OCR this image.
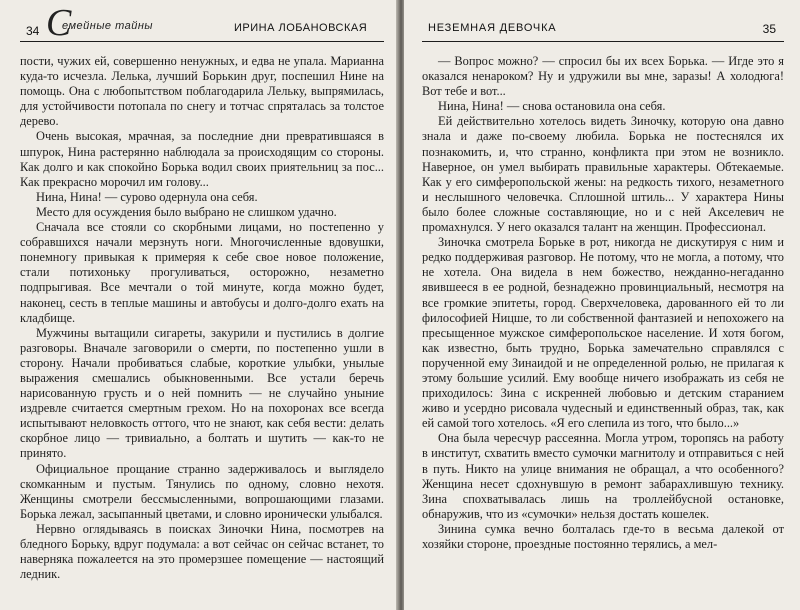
34 С
емейные тайны	ИРИНА ЛОБАНОВСКАЯ

пости, чужих ей, совершенно ненужных, и едва не упала. Марианна куда-то исчезла. Лелька, лучший Борькин друг, поспешил Нине на помощь. Она с любопытством поблагодарила Лельку, выпрямилась, для устойчивости потопала по снегу и тотчас спряталась за толстое дерево.

Очень высокая, мрачная, за последние дни превратившаяся в шпурок, Нина растерянно наблюдала за происходящим со стороны. Как долго и как спокойно Борька водил своих приятельниц за пос... Как прекрасно морочил им голову...

Нина, Нина! — сурово одернула она себя.

Место для осуждения было выбрано не слишком удачно.

Сначала все стояли со скорбными лицами, но постепенно у собравшихся начали мерзнуть ноги. Многочисленные вдовушки, понемногу привыкая к примеряя к себе свое новое положение, стали потихоньку прогуливаться, осторожно, незаметно подпрыгивая. Все мечтали о той минуте, когда можно будет, наконец, сесть в теплые машины и автобусы и долго-долго ехать на кладбище.

Мужчины вытащили сигареты, закурили и пустились в долгие разговоры. Вначале заговорили о смерти, по постепенно ушли в сторону. Начали пробиваться слабые, короткие улыбки, унылые выражения смешались обыкновенными. Все устали беречь нарисованную грусть и о ней помнить — не случайно уныние издревле считается смертным грехом. Но на похоронах все всегда испытывают неловкость оттого, что не знают, как себя вести: делать скорбное лицо — тривиально, а болтать и шутить — как-то не принято.

Официальное прощание странно задерживалось и выглядело скомканным и пустым. Тянулись по одному, словно нехотя. Женщины смотрели бессмысленными, вопрошающими глазами. Борька лежал, засыпанный цветами, и словно иронически улыбался.

Нервно оглядываясь в поисках Зиночки Нина, посмотрев на бледного Борьку, вдруг подумала: а вот сейчас он сейчас встанет, то наверняка пожалеется на это промерзшее помещение — настоящий ледник.

НЕЗЕМНАЯ ДЕВОЧКА	35

— Вопрос можно? — спросил бы их всех Борька. — Игде это я оказался ненароком? Ну и удружили вы мне, заразы! А холодюга! Вот тебе и вот...

Нина, Нина! — снова остановила она себя.

Ей действительно хотелось видеть Зиночку, которую она давно знала и даже по-своему любила. Борька не постеснялся их познакомить, и, что странно, конфликта при этом не возникло. Наверное, он умел выбирать правильные характеры. Обтекаемые. Как у его симферопольской жены: на редкость тихого, незаметного и неслышного человечка. Сплошной штиль... У характера Нины было более сложные составляющие, но и с ней Акселевич не промахнулся. У него оказался талант на женщин. Профессионал.

Зиночка смотрела Борьке в рот, никогда не дискутируя с ним и редко поддерживая разговор. Не потому, что не могла, а потому, что не хотела. Она видела в нем божество, нежданно-негаданно явившееся в ее родной, безнадежно провинциальный, несмотря на все громкие эпитеты, город. Сверхчеловека, дарованного ей то ли философией Ницше, то ли собственной фантазией и непохожего на пресыщенное мужское симферопольское население. И хотя богом, как известно, быть трудно, Борька замечательно справлялся с порученной ему Зинаидой и не определенной ролью, не прилагая к этому большие усилий. Ему вообще ничего изображать из себя не приходилось: Зина с искренней любовью и детским старанием живо и усердно рисовала чудесный и единственный образ, так, как ей самой того хотелось. «Я его слепила из того, что было...»

Она была чересчур рассеянна. Могла утром, торопясь на работу в институт, схватить вместо сумочки магнитолу и отправиться с ней в путь. Никто на улице внимания не обращал, а что особенного? Женщина несет сдохнувшую в ремонт забарахлившую технику. Зина спохватывалась лишь на троллейбусной остановке, обнаружив, что из «сумочки» нельзя достать кошелек.

Зинина сумка вечно болталась где-то в весьма далекой от хозяйки стороне, проездные постоянно терялись, а мел-
